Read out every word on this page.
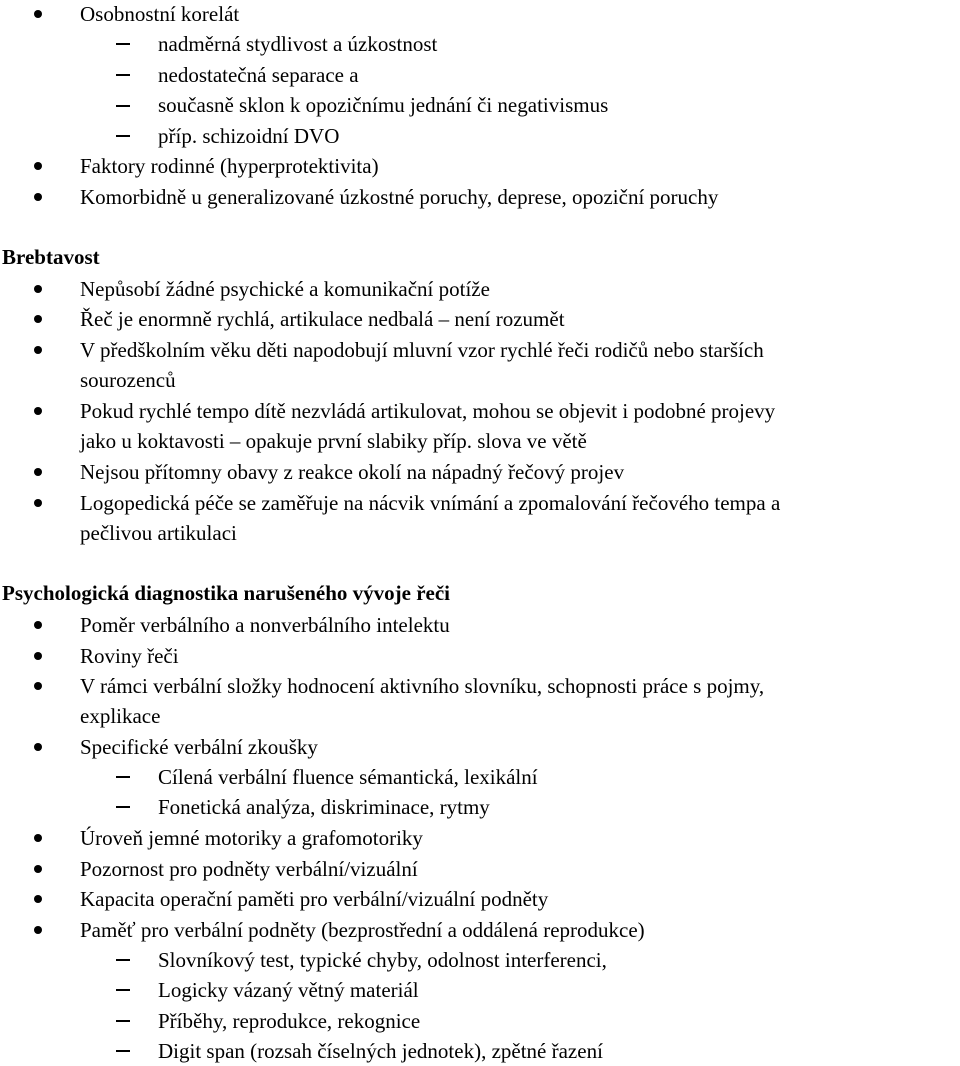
Osobnostní korelát
nadměrná stydlivost a úzkostnost
nedostatečná separace a
současně sklon k opozičnímu jednání či negativismus
příp. schizoidní DVO
Faktory rodinné (hyperprotektivita)
Komorbidně u generalizované úzkostné poruchy, deprese, opoziční poruchy
Brebtavost
Nepůsobí žádné psychické a komunikační potíže
Řeč je enormně rychlá, artikulace nedbalá – není rozumět
V předškolním věku děti napodobují mluvní vzor rychlé řeči rodičů nebo starších
sourozenců
Pokud rychlé tempo dítě nezvládá artikulovat, mohou se objevit i podobné projevy
jako u koktavosti – opakuje první slabiky příp. slova ve větě
Nejsou přítomny obavy z reakce okolí na nápadný řečový projev
Logopedická péče se zaměřuje na nácvik vnímání a zpomalování řečového tempa a
pečlivou artikulaci
Psychologická diagnostika narušeného vývoje řeči
Poměr verbálního a nonverbálního intelektu
Roviny řeči
V rámci verbální složky hodnocení aktivního slovníku, schopnosti práce s pojmy,
explikace
Specifické verbální zkoušky
Cílená verbální fluence sémantická, lexikální
Fonetická analýza, diskriminace, rytmy
Úroveň jemné motoriky a grafomotoriky
Pozornost pro podněty verbální/vizuální
Kapacita operační paměti pro verbální/vizuální podněty
Paměť pro verbální podněty (bezprostřední a oddálená reprodukce)
Slovníkový test, typické chyby, odolnost interferenci,
Logicky vázaný větný materiál
Příběhy, reprodukce, rekognice
Digit span (rozsah číselných jednotek), zpětné řazení
